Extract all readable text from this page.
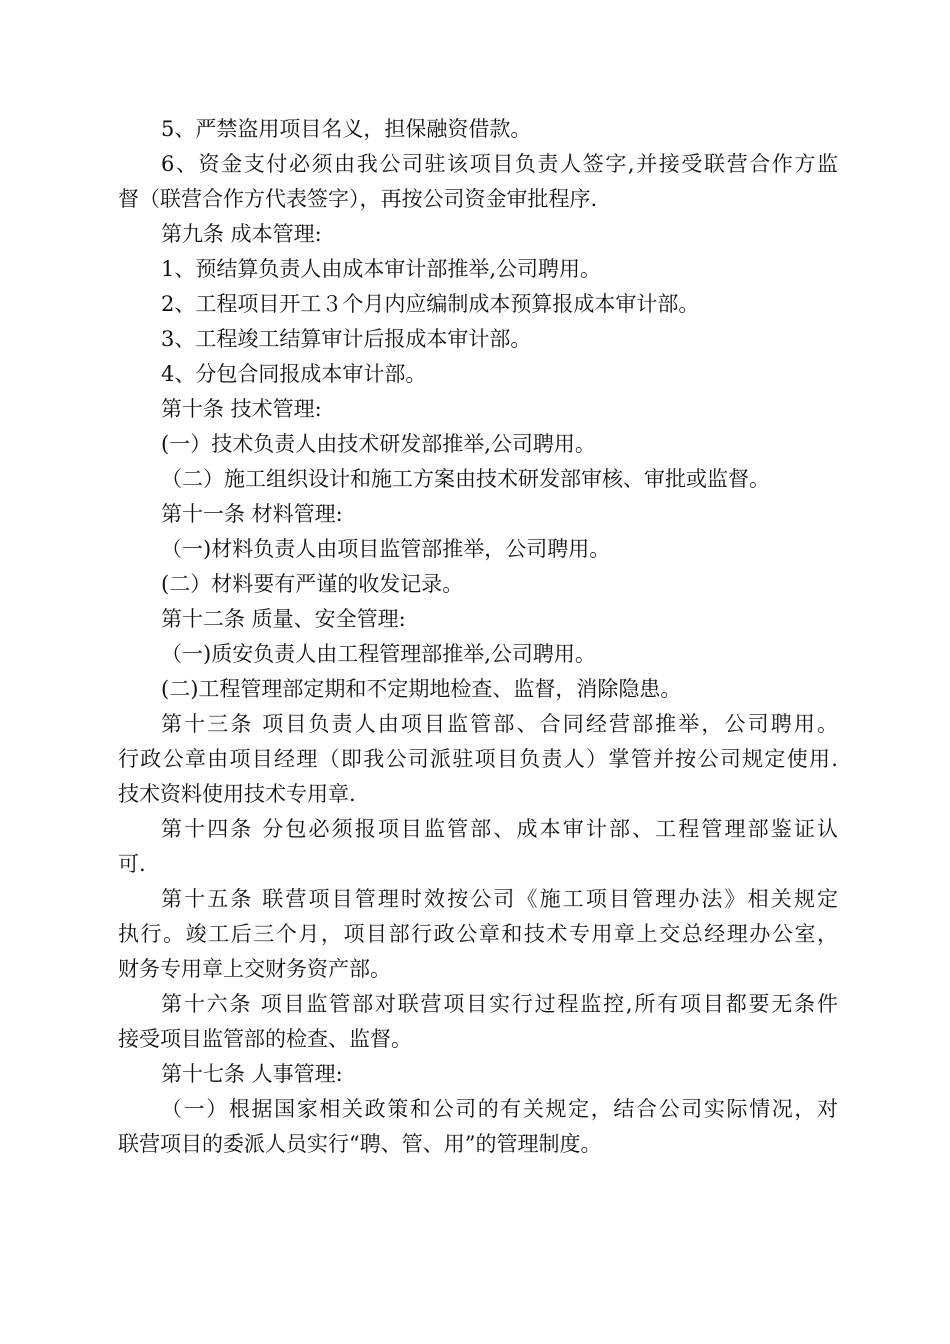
5、严禁盗用项目名义，担保融资借款。
6、资金支付必须由我公司驻该项目负责人签字,并接受联营合作方监
督（联营合作方代表签字），再按公司资金审批程序.
第九条 成本管理:
1、预结算负责人由成本审计部推举,公司聘用。
2、工程项目开工３个月内应编制成本预算报成本审计部。
3、工程竣工结算审计后报成本审计部。
4、分包合同报成本审计部。
第十条 技术管理:
(一）技术负责人由技术研发部推举,公司聘用。
（二）施工组织设计和施工方案由技术研发部审核、审批或监督。
第十一条 材料管理:
（一)材料负责人由项目监管部推举，公司聘用。
(二）材料要有严谨的收发记录。
第十二条 质量、安全管理:
（一)质安负责人由工程管理部推举,公司聘用。
(二)工程管理部定期和不定期地检查、监督，消除隐患。
第十三条 项目负责人由项目监管部、合同经营部推举，公司聘用。
行政公章由项目经理（即我公司派驻项目负责人）掌管并按公司规定使用.
技术资料使用技术专用章.
第十四条 分包必须报项目监管部、成本审计部、工程管理部鉴证认
可.
第十五条 联营项目管理时效按公司《施工项目管理办法》相关规定
执行。竣工后三个月，项目部行政公章和技术专用章上交总经理办公室，
财务专用章上交财务资产部。
第十六条 项目监管部对联营项目实行过程监控,所有项目都要无条件
接受项目监管部的检查、监督。
第十七条 人事管理:
（一）根据国家相关政策和公司的有关规定，结合公司实际情况，对
联营项目的委派人员实行“聘、管、用”的管理制度。
